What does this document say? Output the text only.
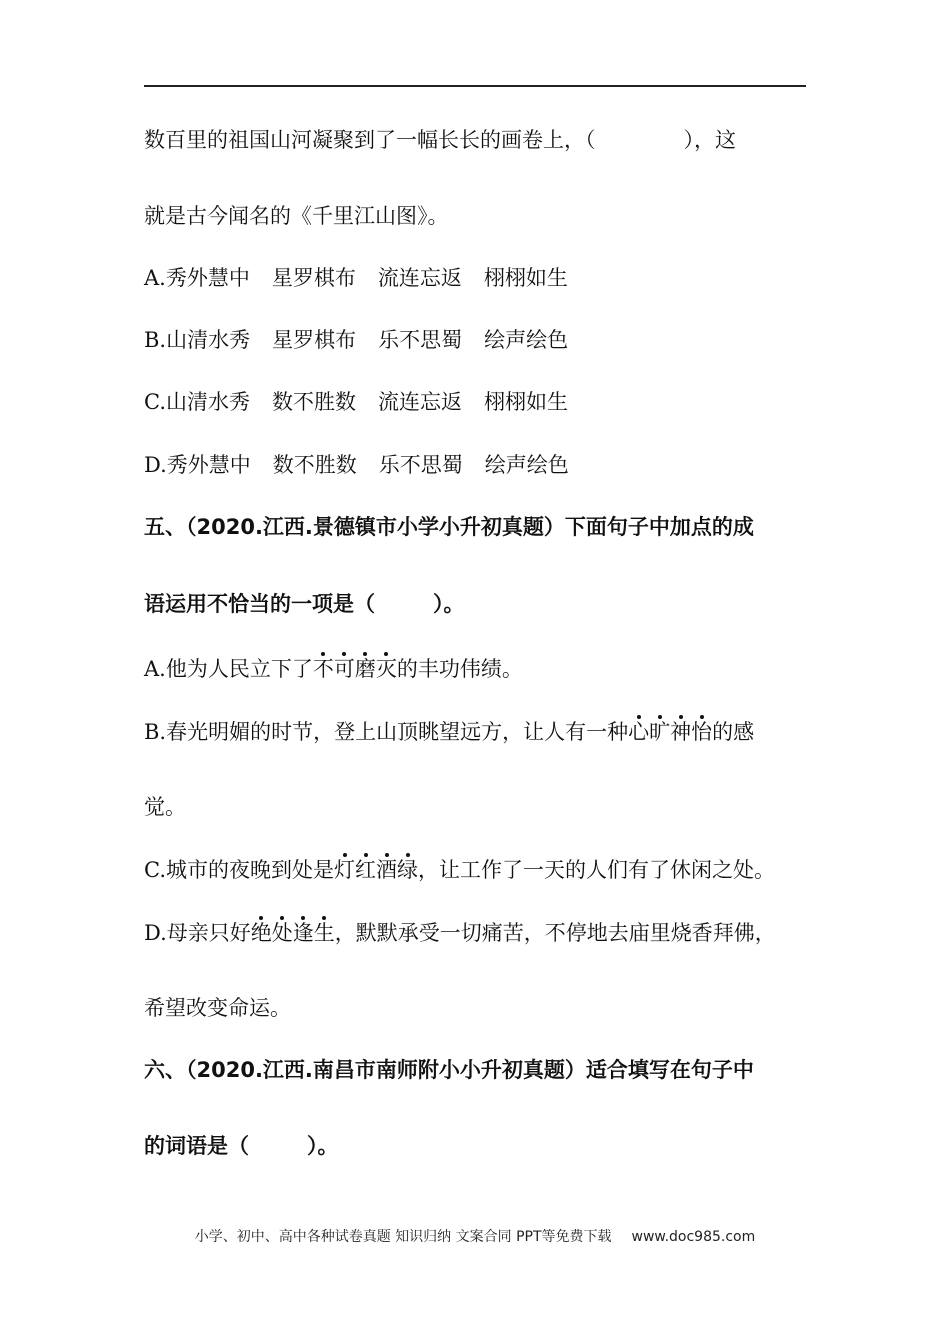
数百里的祖国山河凝聚到了一幅长长的画卷上，（	），这
就是古今闻名的《千里江山图》。
A.秀外慧中 星罗棋布 流连忘返 栩栩如生
B.山清水秀 星罗棋布 乐不思蜀 绘声绘色
C.山清水秀 数不胜数 流连忘返 栩栩如生
D.秀外慧中 数不胜数 乐不思蜀 绘声绘色
五、（2020.江西.景德镇市小学小升初真题）下面句子中加点的成
语运用不恰当的一项是（	）。
A.他为人民立下了不可磨灭的丰功伟绩。
B.春光明媚的时节，登上山顶眺望远方，让人有一种心旷神怡的感
觉。
C.城市的夜晚到处是灯红酒绿，让工作了一天的人们有了休闲之处。
D.母亲只好绝处逢生，默默承受一切痛苦，不停地去庙里烧香拜佛，
希望改变命运。
六、（2020.江西.南昌市南师附小小升初真题）适合填写在句子中
的词语是（	）。
小学、初中、高中各种试卷真题 知识归纳 文案合同 PPT等免费下载 www.doc985.com
